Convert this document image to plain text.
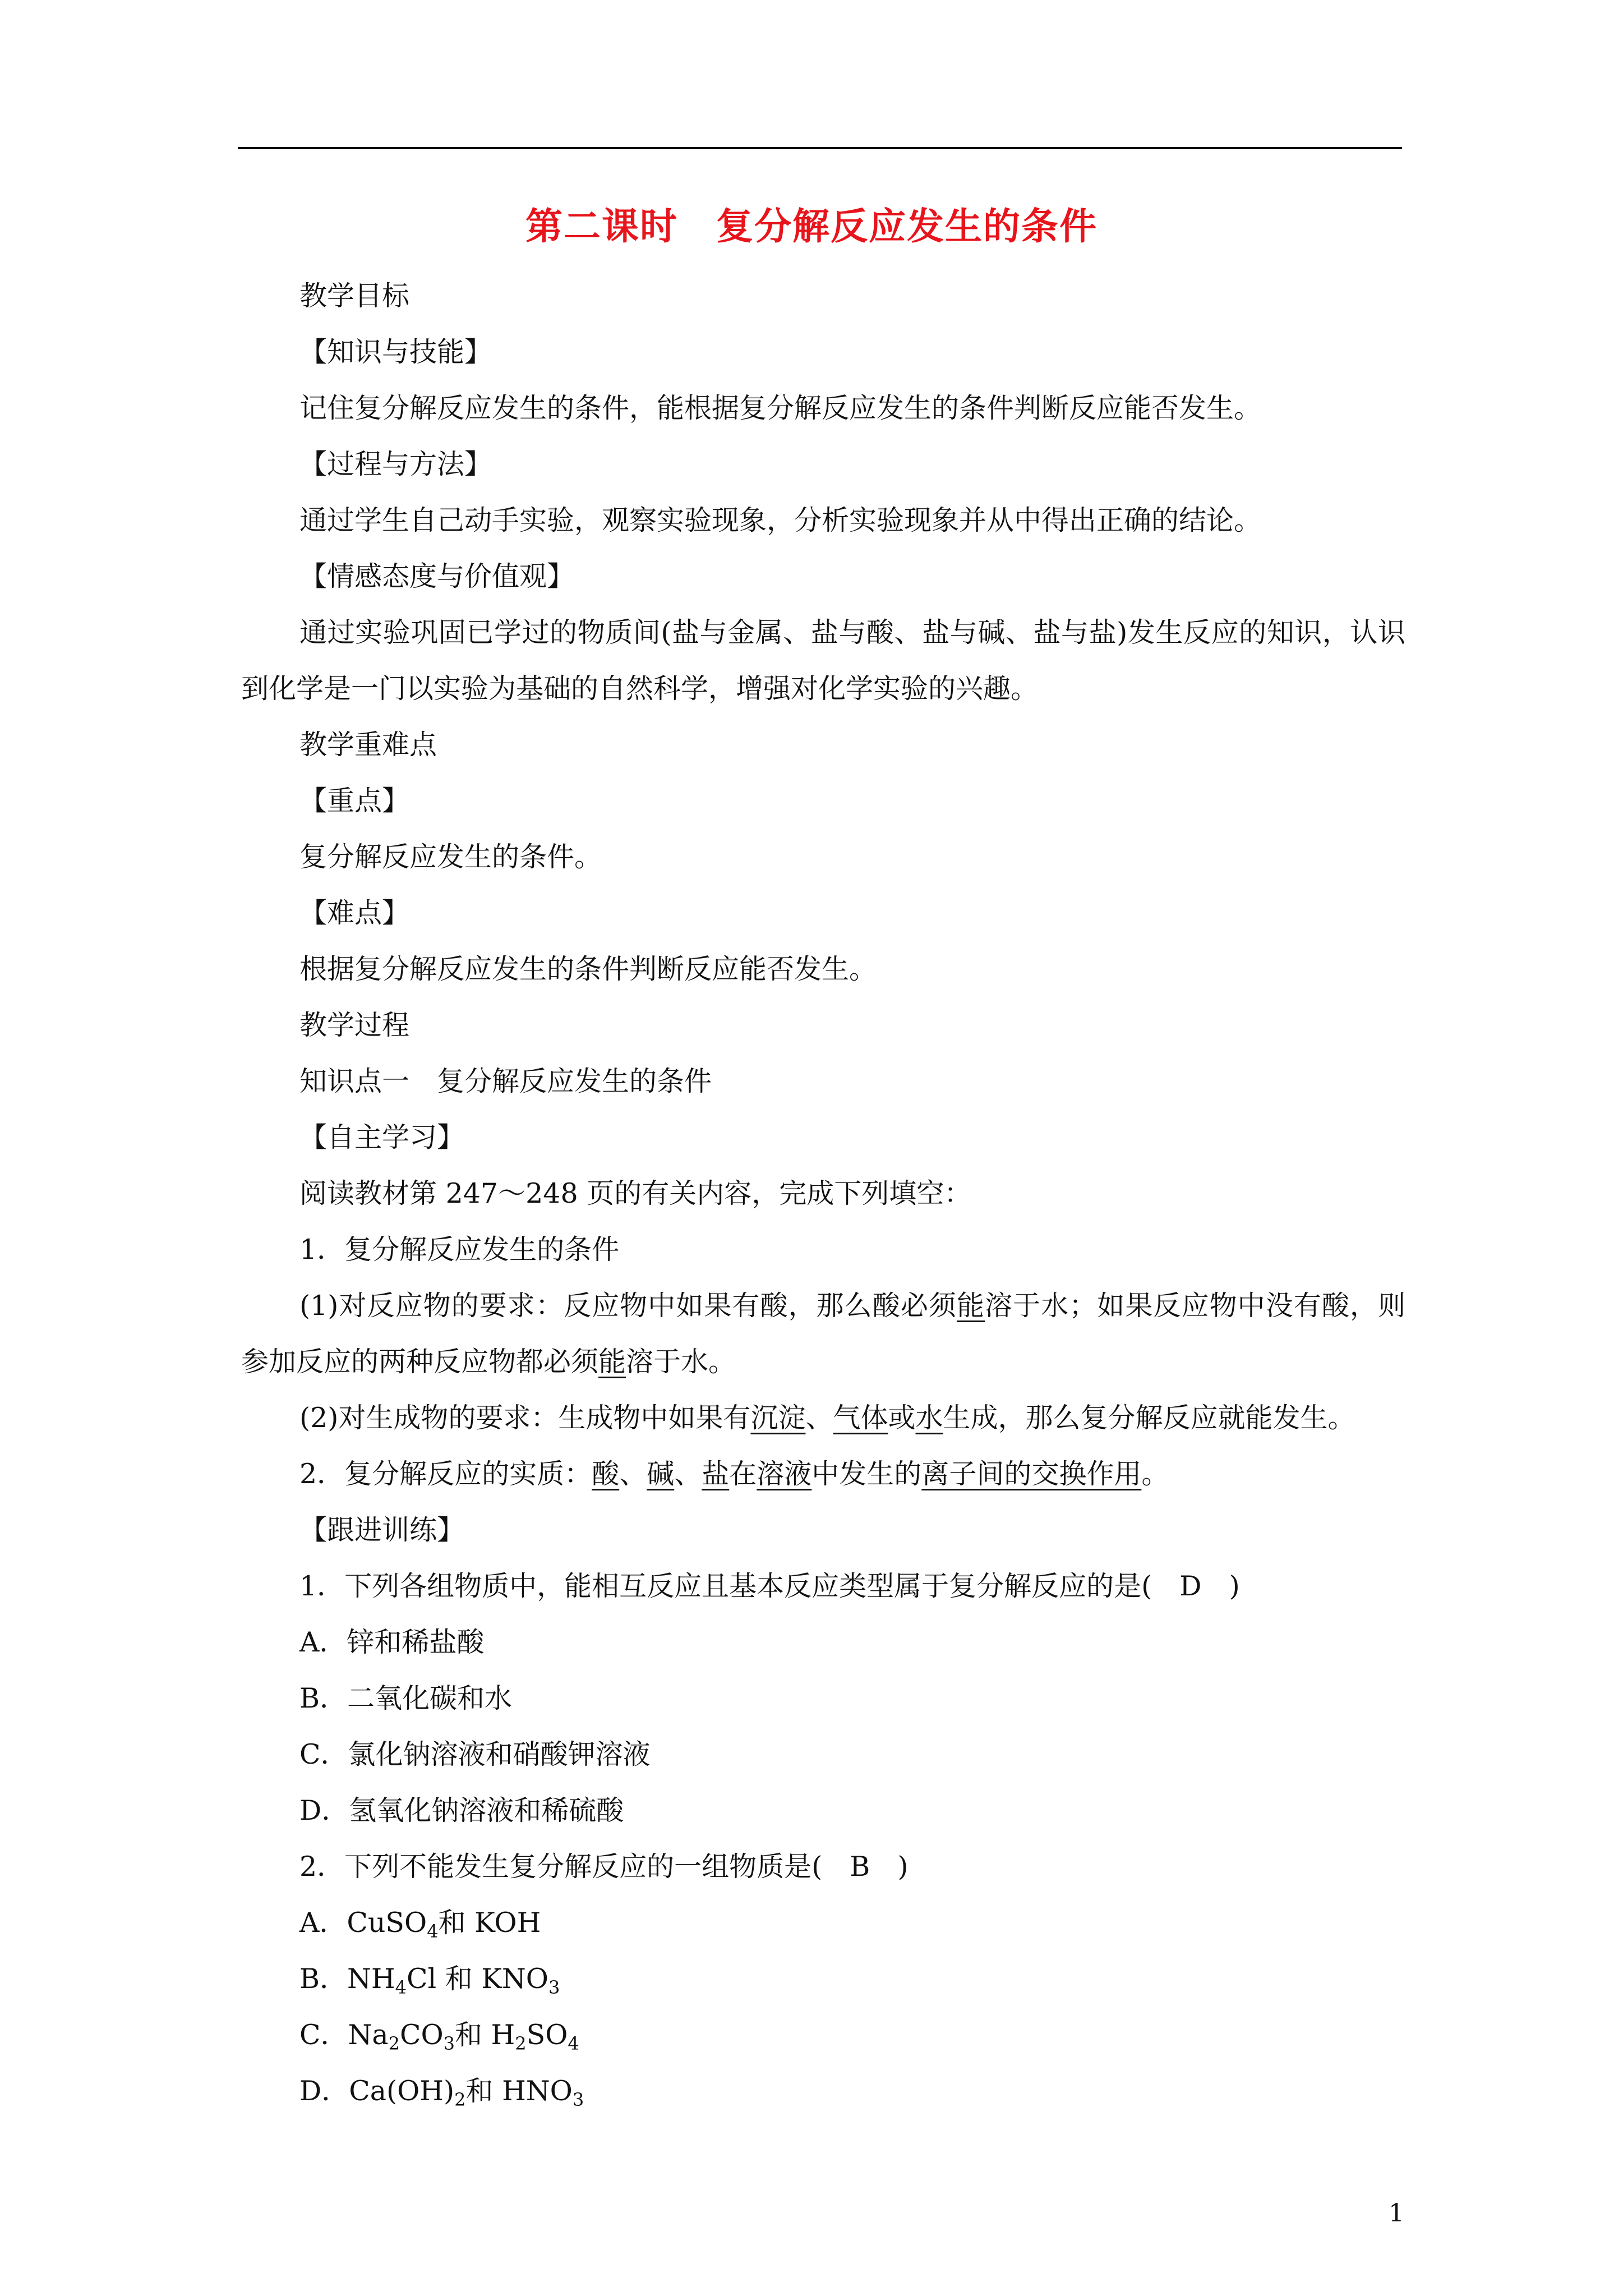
第二课时　复分解反应发生的条件

教学目标

【知识与技能】

记住复分解反应发生的条件，能根据复分解反应发生的条件判断反应能否发生。

【过程与方法】

通过学生自己动手实验，观察实验现象，分析实验现象并从中得出正确的结论。

【情感态度与价值观】

通过实验巩固已学过的物质间(盐与金属、盐与酸、盐与碱、盐与盐)发生反应的知识，认识到化学是一门以实验为基础的自然科学，增强对化学实验的兴趣。

教学重难点

【重点】

复分解反应发生的条件。

【难点】

根据复分解反应发生的条件判断反应能否发生。

教学过程

知识点一　复分解反应发生的条件

【自主学习】

阅读教材第 247～248 页的有关内容，完成下列填空：

1．复分解反应发生的条件

(1)对反应物的要求：反应物中如果有酸，那么酸必须能溶于水；如果反应物中没有酸，则参加反应的两种反应物都必须能溶于水。

(2)对生成物的要求：生成物中如果有沉淀、气体或水生成，那么复分解反应就能发生。

2．复分解反应的实质：酸、碱、盐在溶液中发生的离子间的交换作用。

【跟进训练】

1．下列各组物质中，能相互反应且基本反应类型属于复分解反应的是(　D　)

A．锌和稀盐酸

B．二氧化碳和水

C．氯化钠溶液和硝酸钾溶液

D．氢氧化钠溶液和稀硫酸

2．下列不能发生复分解反应的一组物质是(　B　)

A．CuSO$_4$和 KOH

B．$NH_4Cl$ 和 $KNO_3$

C．$Na_2CO_3$和 $H_2SO_4$

D．$Ca(OH)_2$和 $HNO_3$

1
